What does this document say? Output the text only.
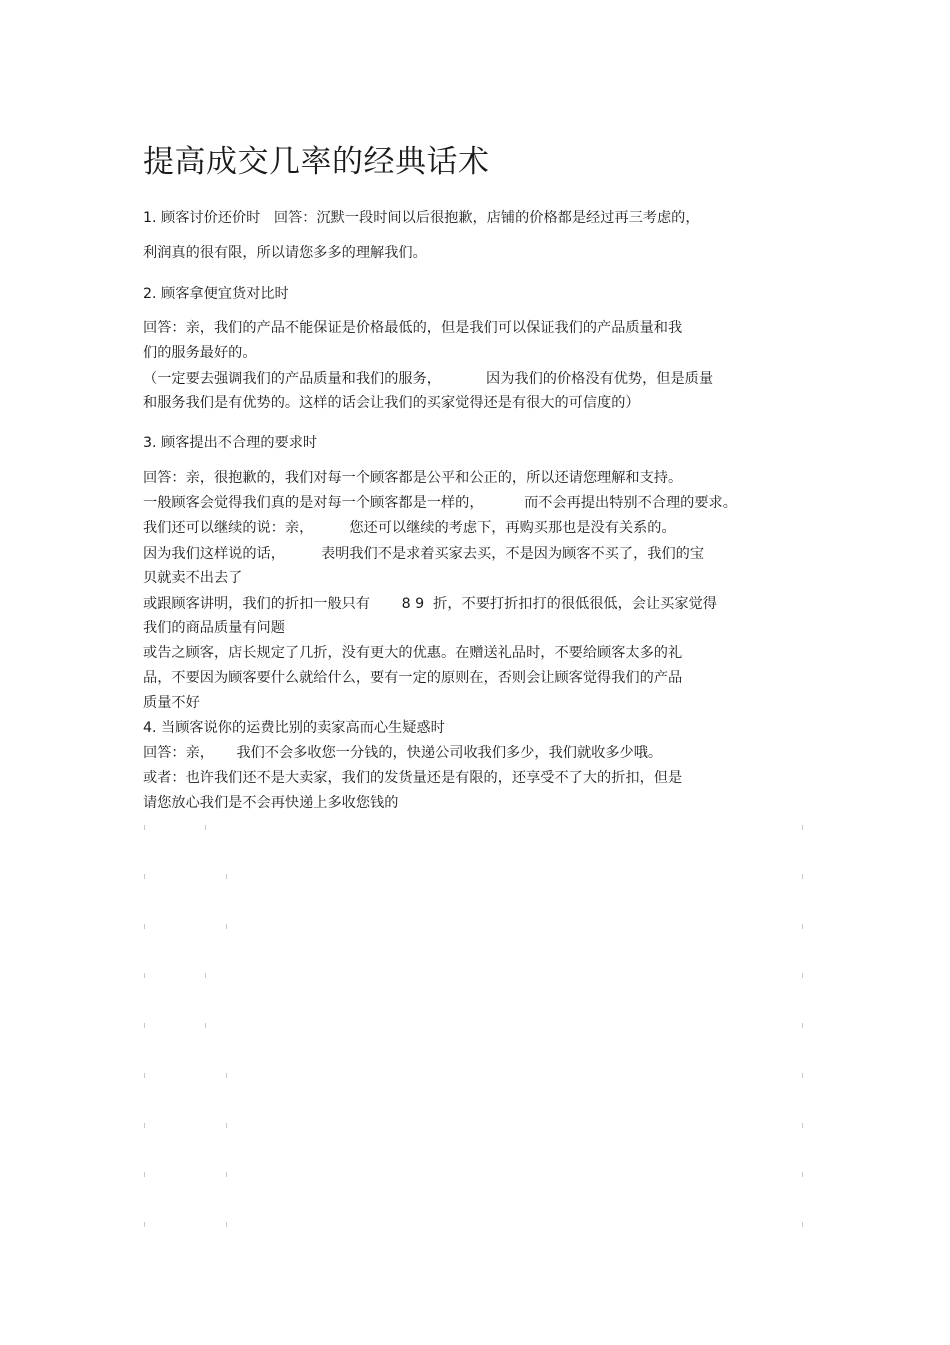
提高成交几率的经典话术
1. 顾客讨价还价时   回答：沉默一段时间以后很抱歉，店铺的价格都是经过再三考虑的，
利润真的很有限，所以请您多多的理解我们。
2. 顾客拿便宜货对比时
回答：亲，我们的产品不能保证是价格最低的，但是我们可以保证我们的产品质量和我
们的服务最好的。
（一定要去强调我们的产品质量和我们的服务，          因为我们的价格没有优势，但是质量
和服务我们是有优势的。这样的话会让我们的买家觉得还是有很大的可信度的）
3. 顾客提出不合理的要求时
回答：亲，很抱歉的，我们对每一个顾客都是公平和公正的，所以还请您理解和支持。
一般顾客会觉得我们真的是对每一个顾客都是一样的，         而不会再提出特别不合理的要求。
我们还可以继续的说：亲，        您还可以继续的考虑下，再购买那也是没有关系的。
因为我们这样说的话，        表明我们不是求着买家去买，不是因为顾客不买了，我们的宝
贝就卖不出去了
或跟顾客讲明，我们的折扣一般只有       8 9  折，不要打折扣打的很低很低，会让买家觉得
我们的商品质量有问题
或告之顾客，店长规定了几折，没有更大的优惠。在赠送礼品时，不要给顾客太多的礼
品，不要因为顾客要什么就给什么，要有一定的原则在，否则会让顾客觉得我们的产品
质量不好
4. 当顾客说你的运费比别的卖家高而心生疑惑时
回答：亲，     我们不会多收您一分钱的，快递公司收我们多少，我们就收多少哦。
或者：也许我们还不是大卖家，我们的发货量还是有限的，还享受不了大的折扣，但是
请您放心我们是不会再快递上多收您钱的
